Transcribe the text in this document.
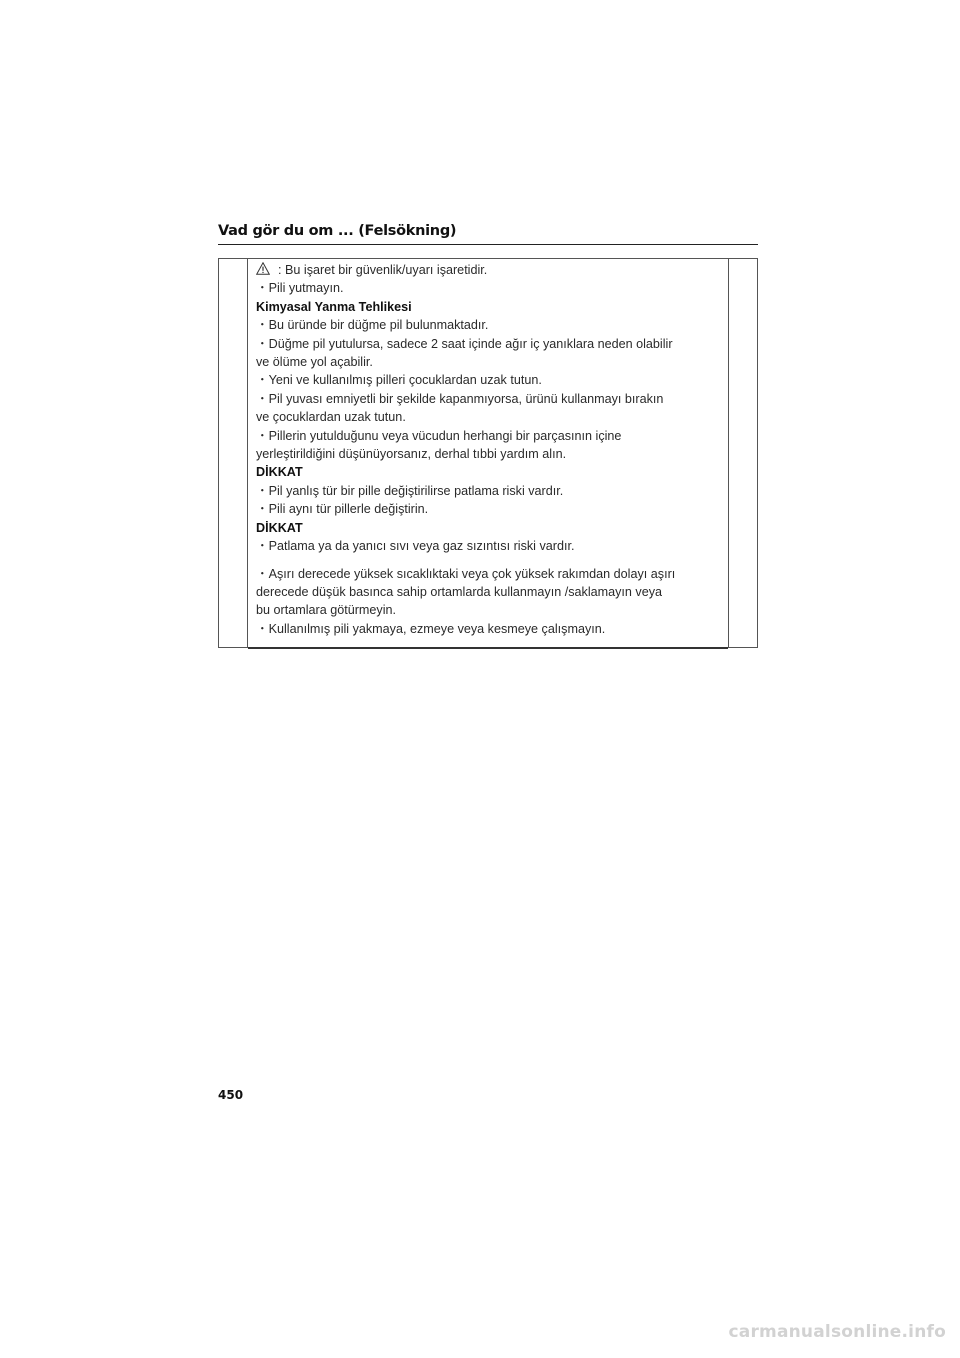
Vad gör du om ... (Felsökning)
: Bu işaret bir güvenlik/uyarı işaretidir.
・Pili yutmayın.
Kimyasal Yanma Tehlikesi
・Bu üründe bir düğme pil bulunmaktadır.
・Düğme pil yutulursa, sadece 2 saat içinde ağır iç yanıklara neden olabilir
ve ölüme yol açabilir.
・Yeni ve kullanılmış pilleri çocuklardan uzak tutun.
・Pil yuvası emniyetli bir şekilde kapanmıyorsa, ürünü kullanmayı bırakın
ve çocuklardan uzak tutun.
・Pillerin yutulduğunu veya vücudun herhangi bir parçasının içine
yerleştirildiğini düşünüyorsanız, derhal tıbbi yardım alın.
DİKKAT
・Pil yanlış tür bir pille değiştirilirse patlama riski vardır.
・Pili aynı tür pillerle değiştirin.
DİKKAT
・Patlama ya da yanıcı sıvı veya gaz sızıntısı riski vardır.
・Aşırı derecede yüksek sıcaklıktaki veya çok yüksek rakımdan dolayı aşırı
derecede düşük basınca sahip ortamlarda kullanmayın /saklamayın veya
bu ortamlara götürmeyin.
・Kullanılmış pili yakmaya, ezmeye veya kesmeye çalışmayın.
450
carmanualsonline.info
